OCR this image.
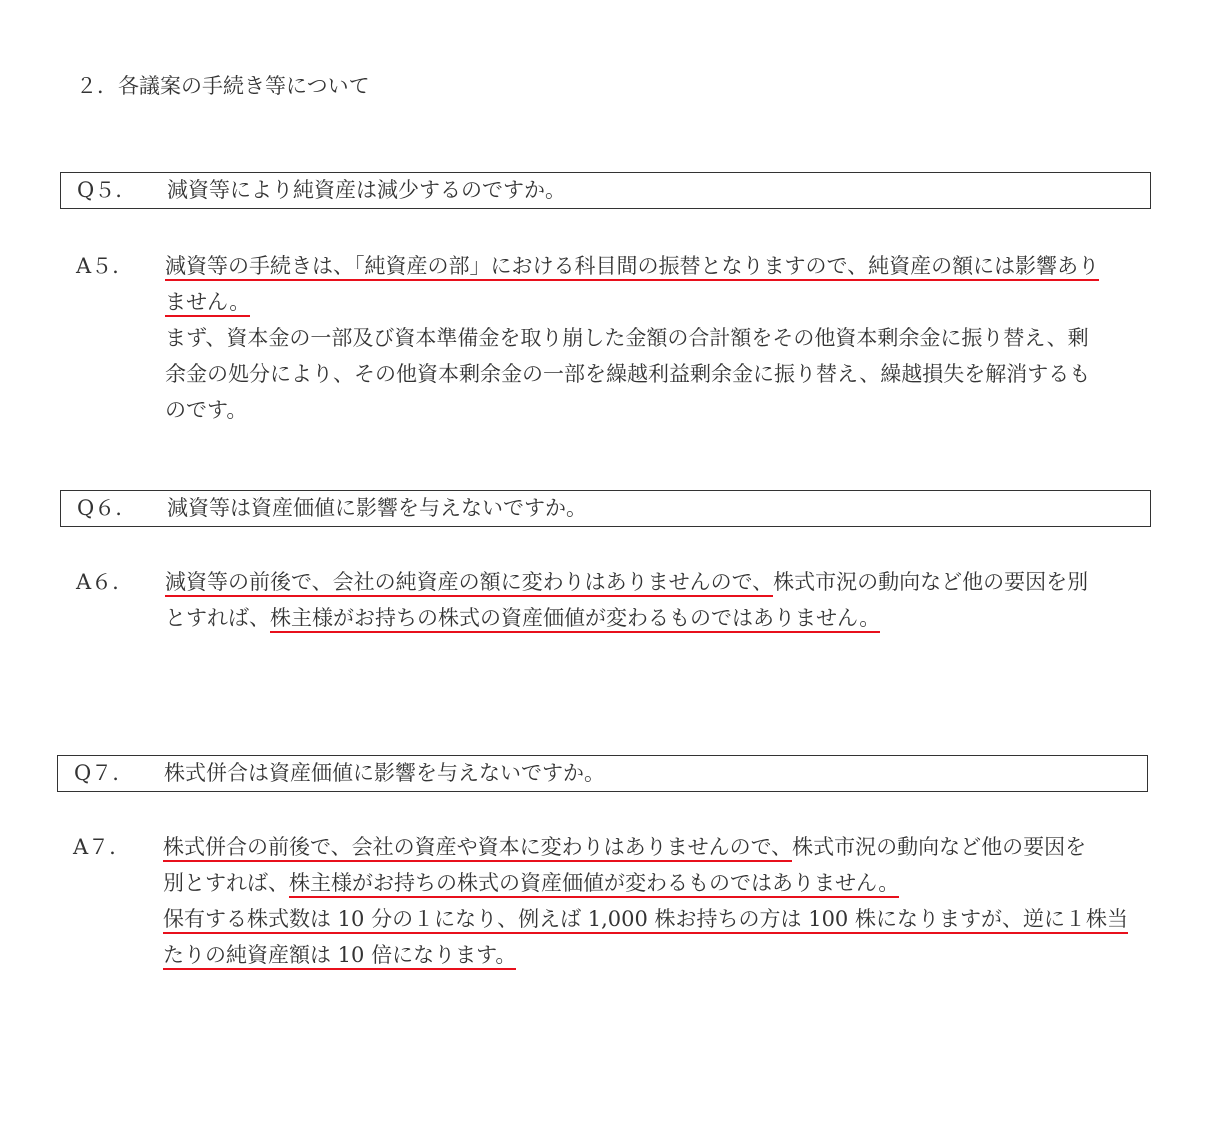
２．各議案の手続き等について
Q５. 減資等により純資産は減少するのですか。
A５. 減資等の手続きは、「純資産の部」における科目間の振替となりますので、純資産の額には影響あり
ません。
まず、資本金の一部及び資本準備金を取り崩した金額の合計額をその他資本剰余金に振り替え、剰
余金の処分により、その他資本剰余金の一部を繰越利益剰余金に振り替え、繰越損失を解消するも
のです。
Q６. 減資等は資産価値に影響を与えないですか。
A６. 減資等の前後で、会社の純資産の額に変わりはありませんので、株式市況の動向など他の要因を別
とすれば、株主様がお持ちの株式の資産価値が変わるものではありません。
Q７. 株式併合は資産価値に影響を与えないですか。
A７. 株式併合の前後で、会社の資産や資本に変わりはありませんので、株式市況の動向など他の要因を
別とすれば、株主様がお持ちの株式の資産価値が変わるものではありません。
保有する株式数は 10 分の１になり、例えば 1,000 株お持ちの方は 100 株になりますが、逆に１株当
たりの純資産額は 10 倍になります。
